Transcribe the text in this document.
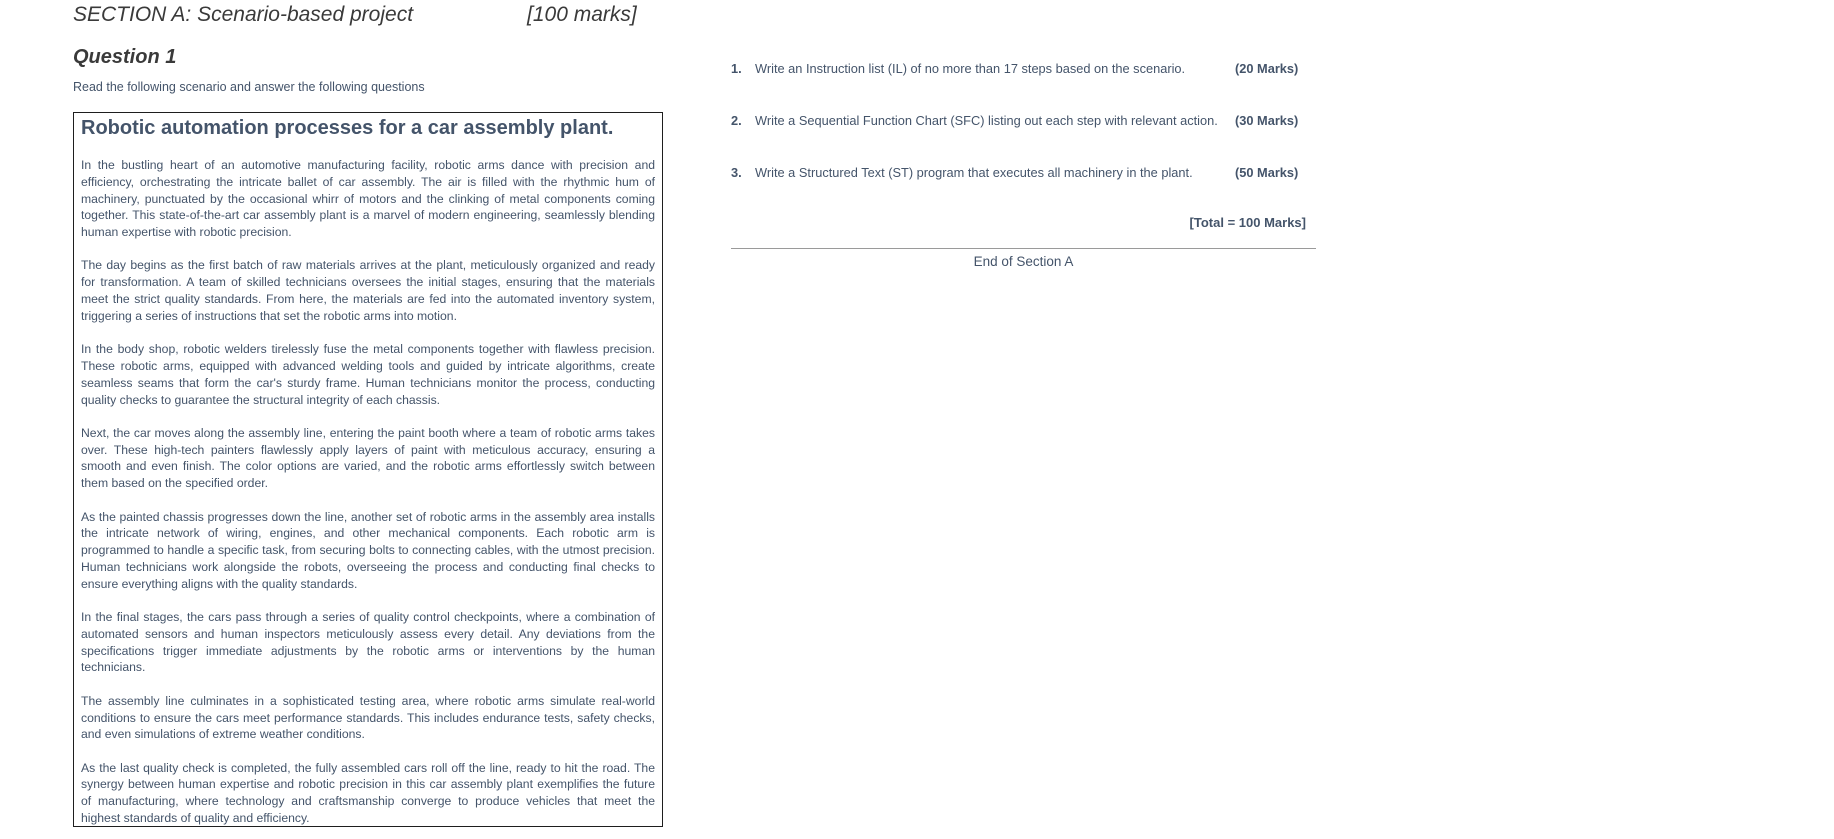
SECTION A: Scenario-based project	[100 marks]
Question 1
Read the following scenario and answer the following questions
Robotic automation processes for a car assembly plant.

In the bustling heart of an automotive manufacturing facility, robotic arms dance with precision and efficiency, orchestrating the intricate ballet of car assembly. The air is filled with the rhythmic hum of machinery, punctuated by the occasional whirr of motors and the clinking of metal components coming together. This state-of-the-art car assembly plant is a marvel of modern engineering, seamlessly blending human expertise with robotic precision.

The day begins as the first batch of raw materials arrives at the plant, meticulously organized and ready for transformation. A team of skilled technicians oversees the initial stages, ensuring that the materials meet the strict quality standards. From here, the materials are fed into the automated inventory system, triggering a series of instructions that set the robotic arms into motion.

In the body shop, robotic welders tirelessly fuse the metal components together with flawless precision. These robotic arms, equipped with advanced welding tools and guided by intricate algorithms, create seamless seams that form the car's sturdy frame. Human technicians monitor the process, conducting quality checks to guarantee the structural integrity of each chassis.

Next, the car moves along the assembly line, entering the paint booth where a team of robotic arms takes over. These high-tech painters flawlessly apply layers of paint with meticulous accuracy, ensuring a smooth and even finish. The color options are varied, and the robotic arms effortlessly switch between them based on the specified order.

As the painted chassis progresses down the line, another set of robotic arms in the assembly area installs the intricate network of wiring, engines, and other mechanical components. Each robotic arm is programmed to handle a specific task, from securing bolts to connecting cables, with the utmost precision. Human technicians work alongside the robots, overseeing the process and conducting final checks to ensure everything aligns with the quality standards.

In the final stages, the cars pass through a series of quality control checkpoints, where a combination of automated sensors and human inspectors meticulously assess every detail. Any deviations from the specifications trigger immediate adjustments by the robotic arms or interventions by the human technicians.

The assembly line culminates in a sophisticated testing area, where robotic arms simulate real-world conditions to ensure the cars meet performance standards. This includes endurance tests, safety checks, and even simulations of extreme weather conditions.

As the last quality check is completed, the fully assembled cars roll off the line, ready to hit the road. The synergy between human expertise and robotic precision in this car assembly plant exemplifies the future of manufacturing, where technology and craftsmanship converge to produce vehicles that meet the highest standards of quality and efficiency.

1. Write an Instruction list (IL) of no more than 17 steps based on the scenario.	(20 Marks)
2. Write a Sequential Function Chart (SFC) listing out each step with relevant action. (30 Marks)
3. Write a Structured Text (ST) program that executes all machinery in the plant.	(50 Marks)
[Total = 100 Marks]
End of Section A
